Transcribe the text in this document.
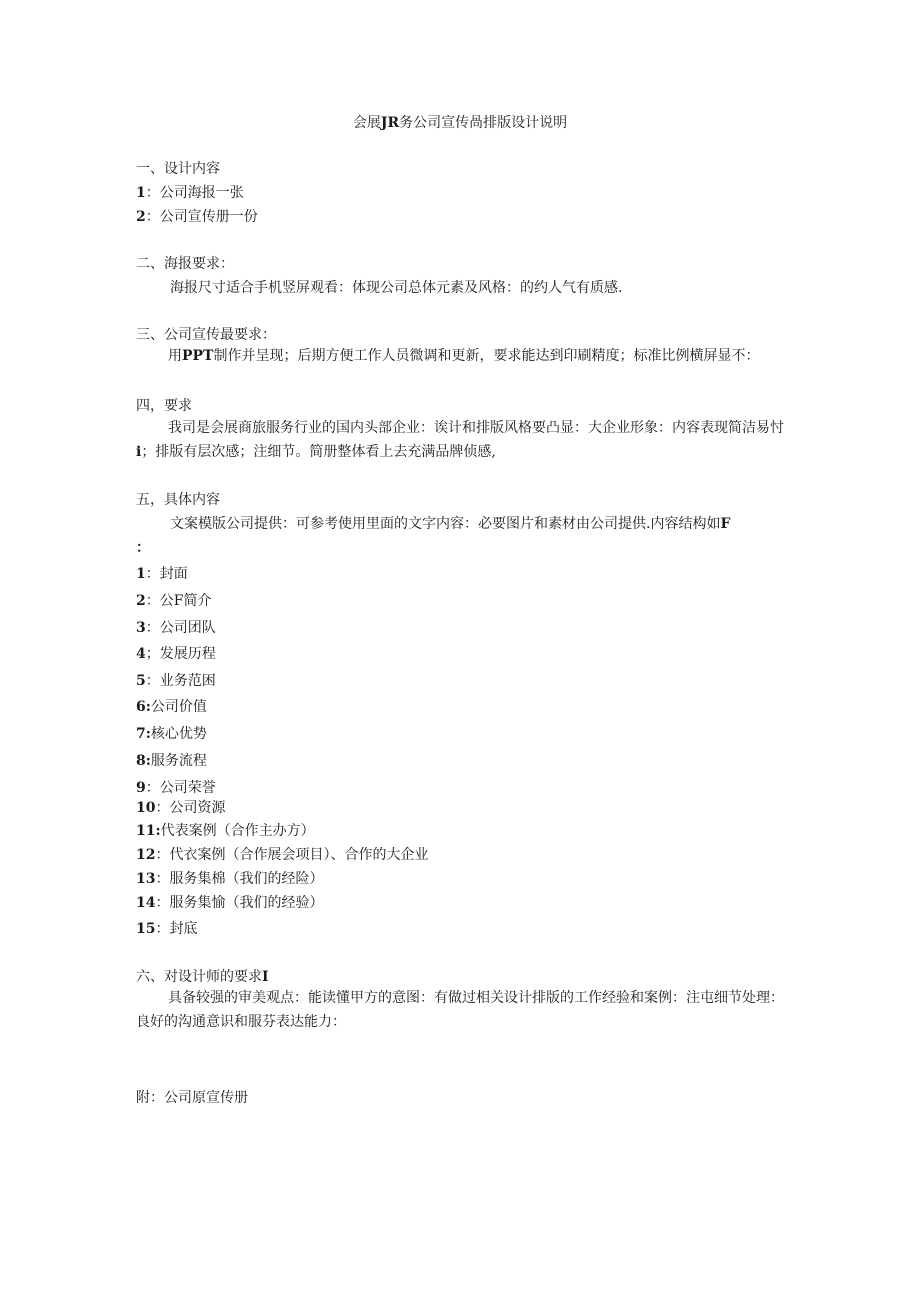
会展JR务公司宣传咼排版设计说明
一、设计内容
1：公司海报一张
2：公司宣传册一份
二、海报要求：
海报尺寸适合手机竖屏观看：体现公司总体元素及风格：的约人气有质感.
三、公司宣传最要求：
用PPT制作并呈现；后期方便工作人员微调和更新，要求能达到印刷精度；标准比例横屏显不：
四，要求
我司是会展商旅服务行业的国内头部企业：诶计和排版风格要凸显：大企业形象：内容表现简洁易忖i；排版有层次感；注细节。简册整体看上去充满品牌侦感,
五，具体内容
文案模版公司提供：可参考使用里面的文字内容：必要图片和素材由公司提供.内容结构如F
：
1：封面
2：公F简介
3：公司团队
4；发展历程
5：业务范困
6:公司价值
7:核心优势
8:服务流程
9：公司荣誉
10：公司资源
11:代表案例（合作主办方）
12：代衣案例（合作展会项目）、合作的大企业
13：服务集棉（我们的经险）
14：服务集愉（我们的经验）
15：封底
六、对设计师的要求I
具备较强的审美观点：能读懂甲方的意图：有做过相关设计排版的工作经验和案例：注屯细节处理：良好的沟通意识和服芬表达能力：
附：公司原宣传册
